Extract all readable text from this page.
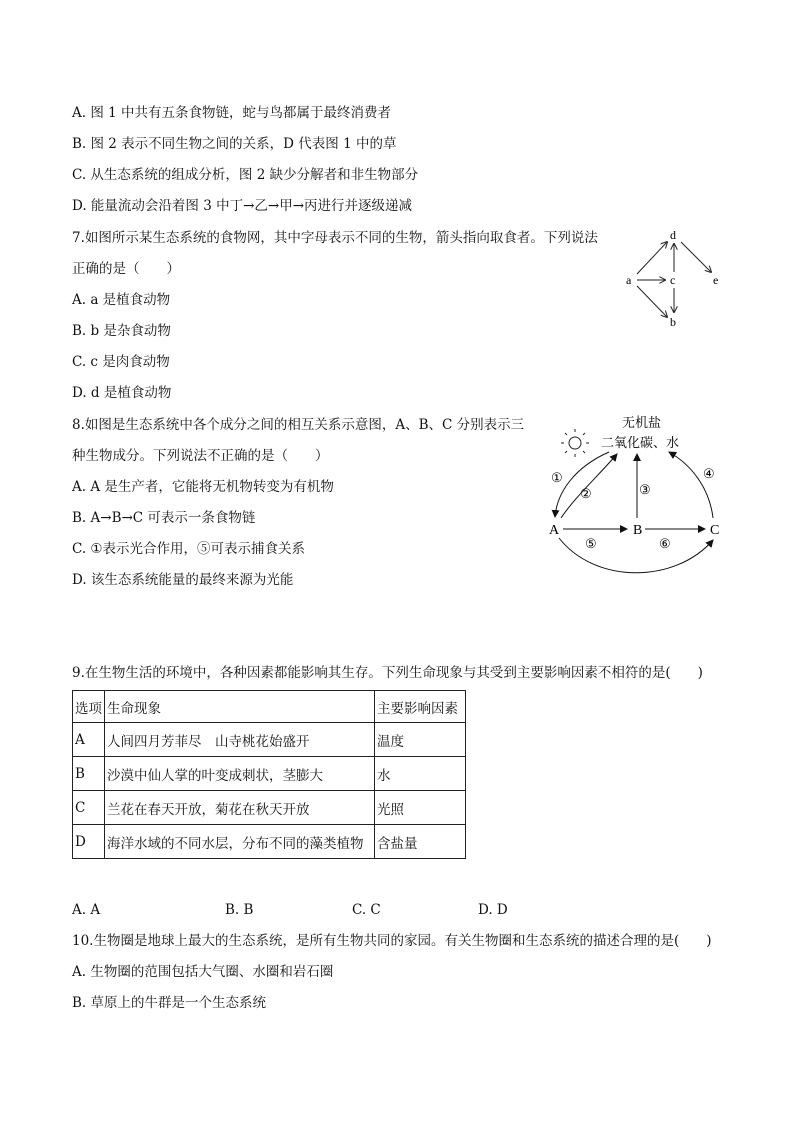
A. 图 1 中共有五条食物链，蛇与鸟都属于最终消费者
B. 图 2 表示不同生物之间的关系，D 代表图 1 中的草
C. 从生态系统的组成分析，图 2 缺少分解者和非生物部分
D. 能量流动会沿着图 3 中丁→乙→甲→丙进行并逐级递减
7.如图所示某生态系统的食物网，其中字母表示不同的生物，箭头指向取食者。下列说法
正确的是（　　）
A. a 是植食动物
B. b 是杂食动物
C. c 是肉食动物
D. d 是植食动物
d
a	c	e
b
8.如图是生态系统中各个成分之间的相互关系示意图，A、B、C 分别表示三
种生物成分。下列说法不正确的是（　　）
A. A 是生产者，它能将无机物转变为有机物
B. A→B→C 可表示一条食物链
C. ①表示光合作用，⑤可表示捕食关系
D. 该生态系统能量的最终来源为光能
无机盐
二氧化碳、水
A	B	C
①
②	③
④
⑤	⑥
9.在生物生活的环境中，各种因素都能影响其生存。下列生命现象与其受到主要影响因素不相符的是(　　)
选项	生命现象	主要影响因素
A	人间四月芳菲尽　山寺桃花始盛开	温度
B	沙漠中仙人掌的叶变成刺状，茎膨大	水
C	兰花在春天开放，菊花在秋天开放	光照
D	海洋水域的不同水层，分布不同的藻类植物	含盐量
A. A	B. B	C. C	D. D
10.生物圈是地球上最大的生态系统，是所有生物共同的家园。有关生物圈和生态系统的描述合理的是(　　)
A. 生物圈的范围包括大气圈、水圈和岩石圈
B. 草原上的牛群是一个生态系统
